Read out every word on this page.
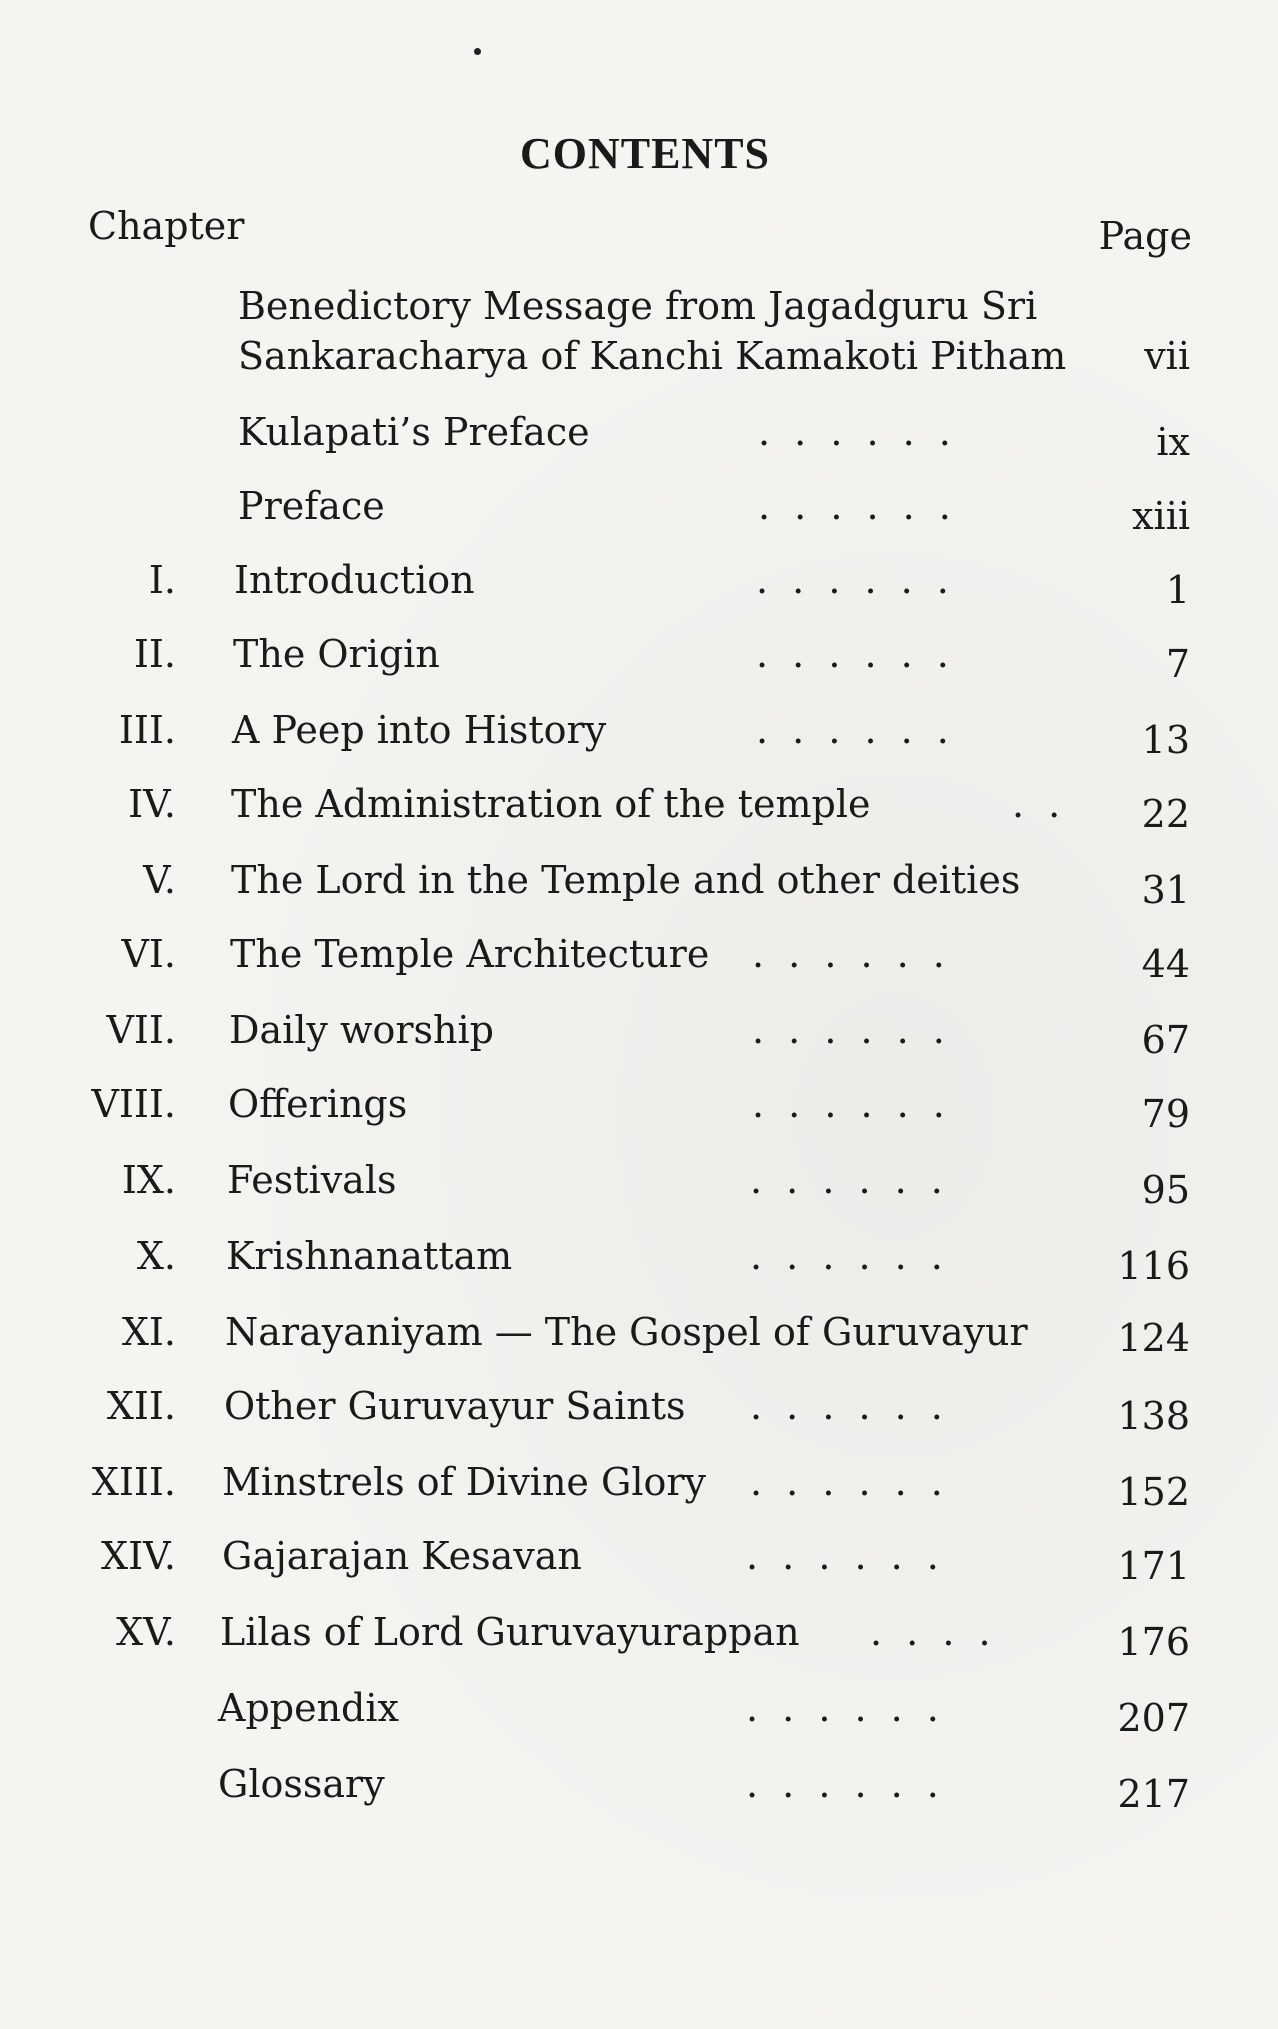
CONTENTS
Chapter	Page
Benedictory Message from Jagadguru Sri
Sankaracharya of Kanchi Kamakoti Pitham vii
Kulapati’s Preface	. . . . . .	ix
Preface	. . . . . .	xiii
I. Introduction	. . . . . .	1
II. The Origin	. . . . . .	7
III. A Peep into History	. . . . . .	13
IV. The Administration of the temple	. . 22
V. The Lord in the Temple and other deities	31
VI. The Temple Architecture . . . . . .	44
VII. Daily worship	. . . . . .	67
VIII. Offerings	. . . . . .	79
IX. Festivals	. . . . . .	95
X. Krishnanattam	. . . . . .	116
XI. Narayaniyam — The Gospel of Guruvayur 124
XII. Other Guruvayur Saints . . . . . .	138
XIII. Minstrels of Divine Glory . . . . . .	152
XIV. Gajarajan Kesavan	. . . . . .	171
XV. Lilas of Lord Guruvayurappan . . . .	176
Appendix	. . . . . .	207
Glossary	. . . . . .	217
